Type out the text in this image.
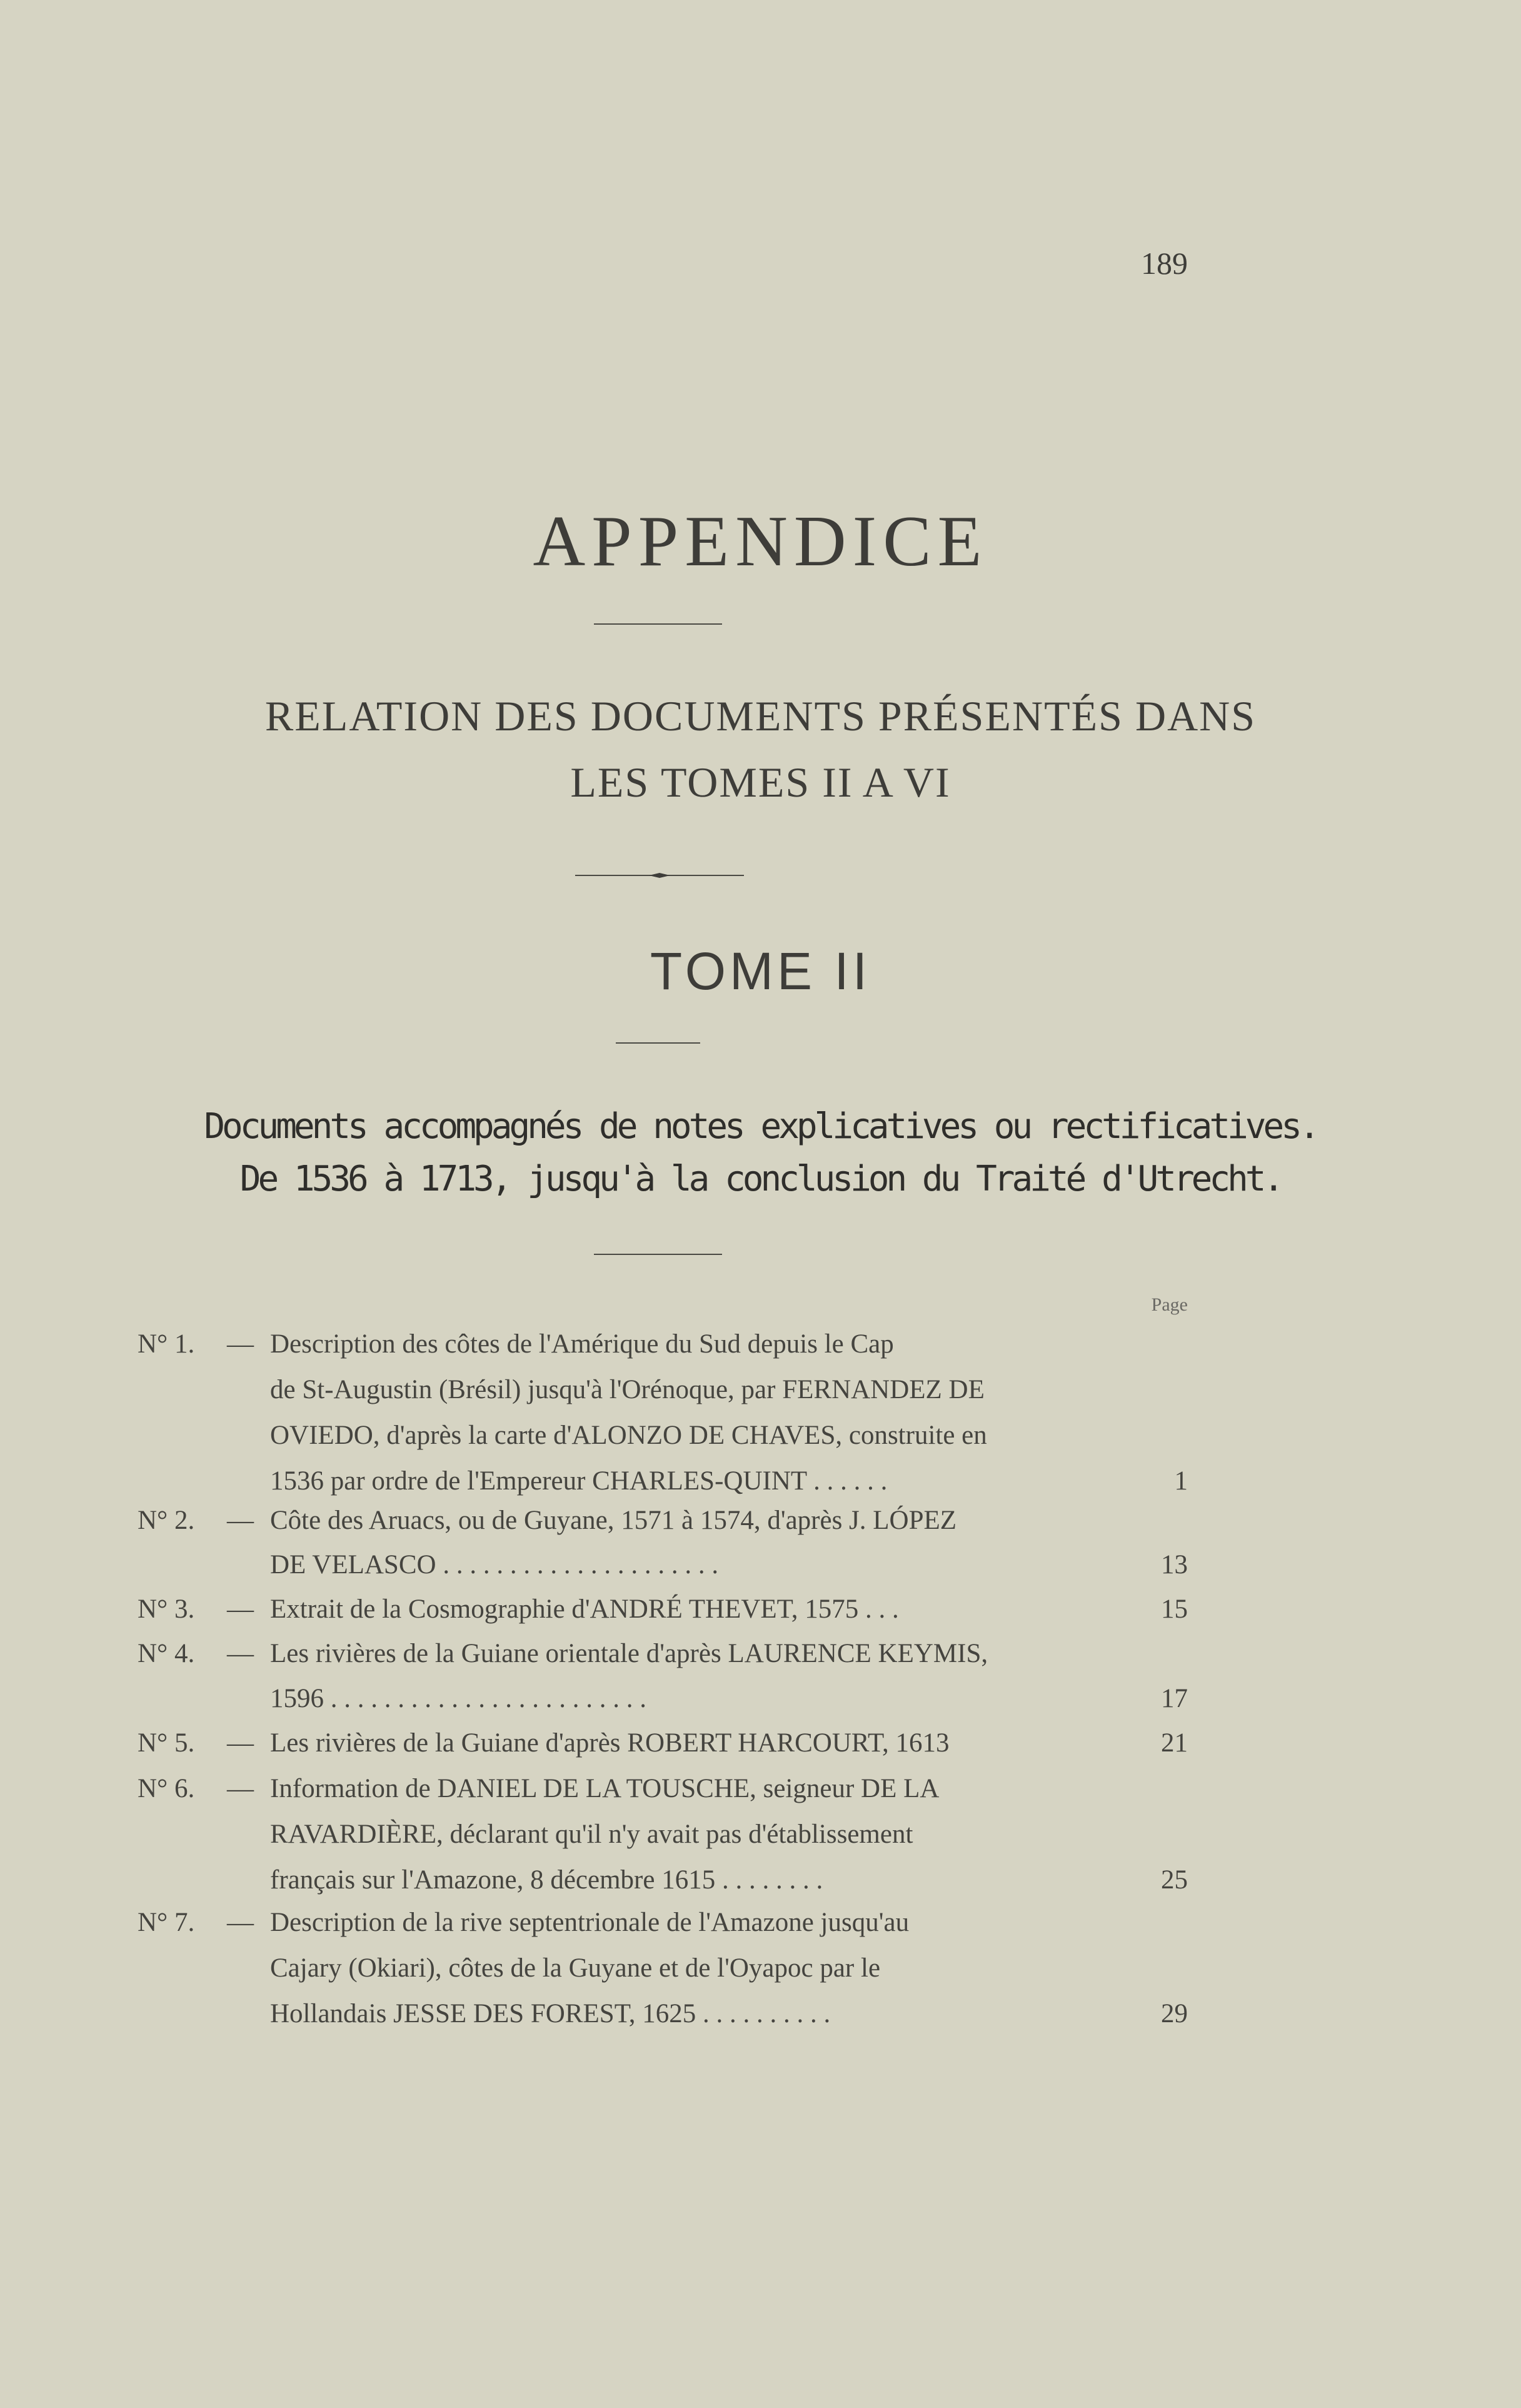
189
APPENDICE
RELATION DES DOCUMENTS PRÉSENTÉS DANS
LES TOMES II A VI
TOME II
Documents accompagnés de notes explicatives ou rectificatives.
De 1536 à 1713, jusqu'à la conclusion du Traité d'Utrecht.
Page
N° 1. — Description des côtes de l'Amérique du Sud depuis le Cap
de St-Augustin (Brésil) jusqu'à l'Orénoque, par FERNANDEZ DE
OVIEDO, d'après la carte d'ALONZO DE CHAVES, construite en
1536 par ordre de l'Empereur CHARLES-QUINT . . . . . .	1
N° 2. — Côte des Aruacs, ou de Guyane, 1571 à 1574, d'après J. LÓPEZ
DE VELASCO . . . . . . . . . . . . . . . . . . . . .	13
N° 3. — Extrait de la Cosmographie d'ANDRÉ THEVET, 1575 . . .	15
N° 4. — Les rivières de la Guiane orientale d'après LAURENCE KEYMIS,
1596 . . . . . . . . . . . . . . . . . . . . . . . .	17
N° 5. — Les rivières de la Guiane d'après ROBERT HARCOURT, 1613	21
N° 6. — Information de DANIEL DE LA TOUSCHE, seigneur DE LA
RAVARDIÈRE, déclarant qu'il n'y avait pas d'établissement
français sur l'Amazone, 8 décembre 1615 . . . . . . . .	25
N° 7. — Description de la rive septentrionale de l'Amazone jusqu'au
Cajary (Okiari), côtes de la Guyane et de l'Oyapoc par le
Hollandais JESSE DES FOREST, 1625 . . . . . . . . . .	29
